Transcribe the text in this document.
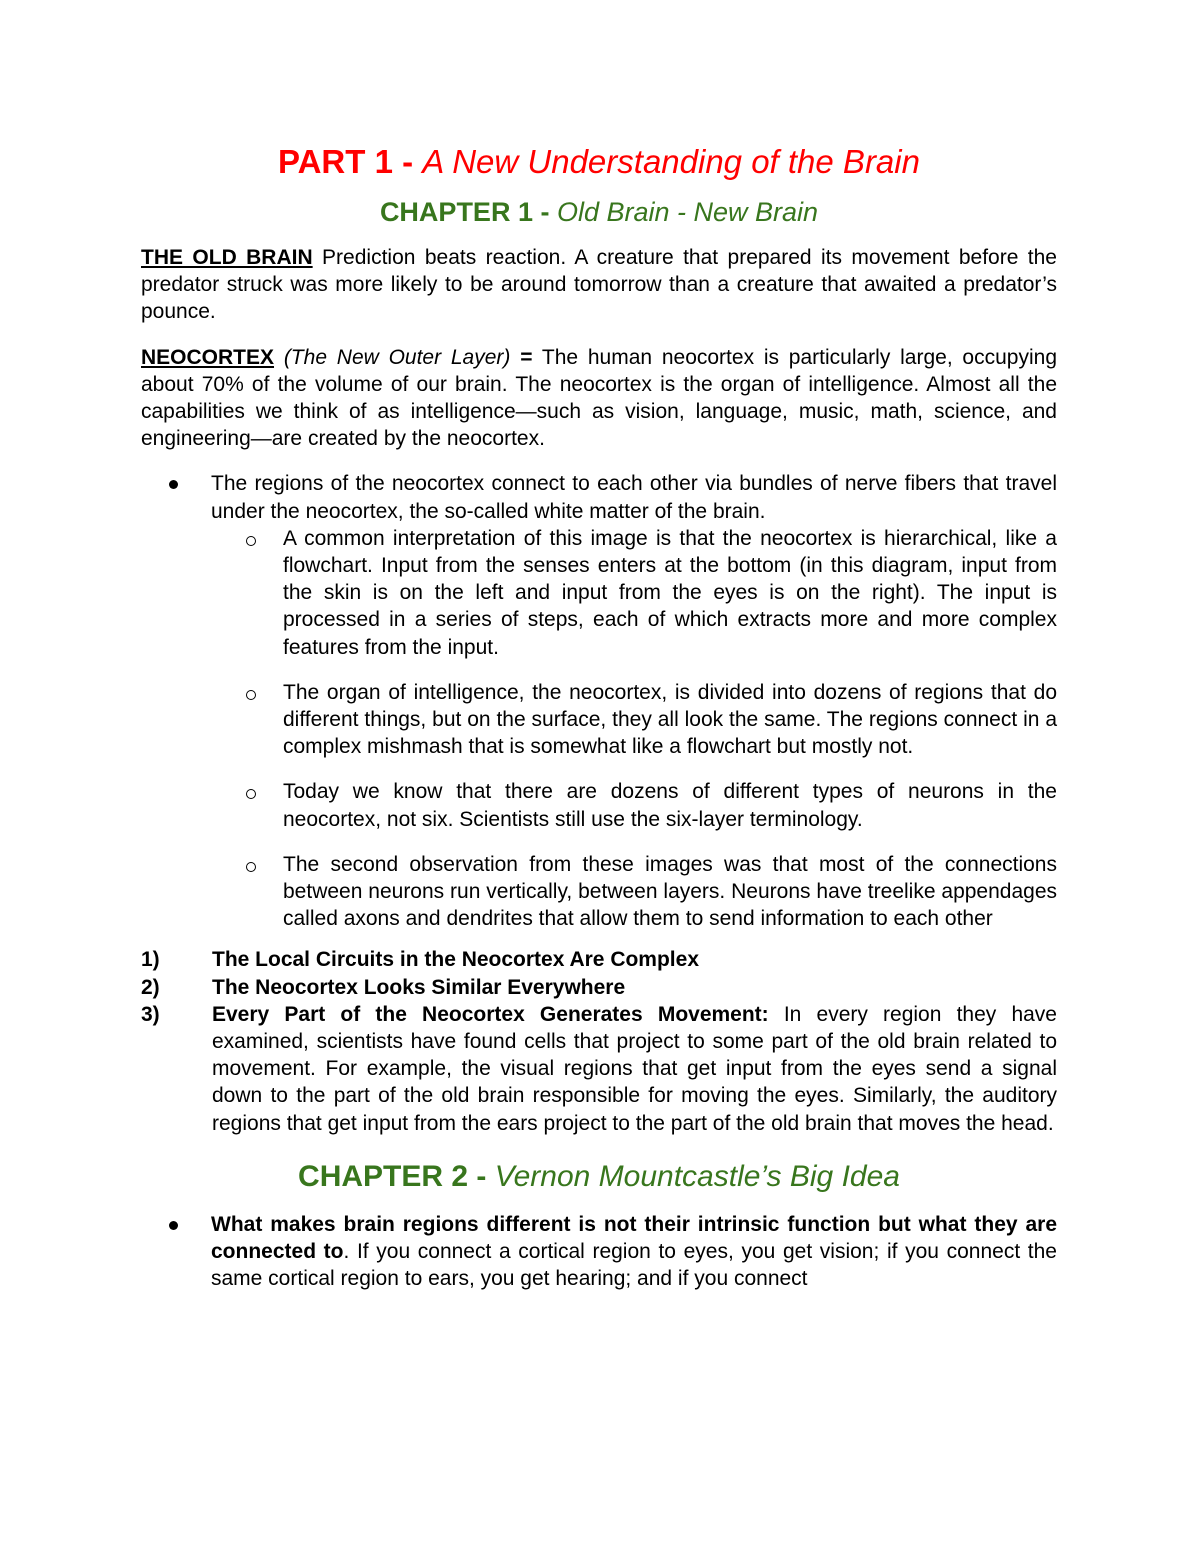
PART 1 - A New Understanding of the Brain
CHAPTER 1 - Old Brain - New Brain

THE OLD BRAIN Prediction beats reaction. A creature that prepared its movement before the predator struck was more likely to be around tomorrow than a creature that awaited a predator’s pounce.

NEOCORTEX (The New Outer Layer) = The human neocortex is particularly large, occupying about 70% of the volume of our brain. The neocortex is the organ of intelligence. Almost all the capabilities we think of as intelligence—such as vision, language, music, math, science, and engineering—are created by the neocortex.

The regions of the neocortex connect to each other via bundles of nerve fibers that travel under the neocortex, the so-called white matter of the brain.
A common interpretation of this image is that the neocortex is hierarchical, like a flowchart. Input from the senses enters at the bottom (in this diagram, input from the skin is on the left and input from the eyes is on the right). The input is processed in a series of steps, each of which extracts more and more complex features from the input.
The organ of intelligence, the neocortex, is divided into dozens of regions that do different things, but on the surface, they all look the same. The regions connect in a complex mishmash that is somewhat like a flowchart but mostly not.
Today we know that there are dozens of different types of neurons in the neocortex, not six. Scientists still use the six-layer terminology.
The second observation from these images was that most of the connections between neurons run vertically, between layers. Neurons have treelike appendages called axons and dendrites that allow them to send information to each other
1) The Local Circuits in the Neocortex Are Complex
2) The Neocortex Looks Similar Everywhere
3) Every Part of the Neocortex Generates Movement: In every region they have examined, scientists have found cells that project to some part of the old brain related to movement. For example, the visual regions that get input from the eyes send a signal down to the part of the old brain responsible for moving the eyes. Similarly, the auditory regions that get input from the ears project to the part of the old brain that moves the head.
CHAPTER 2 - Vernon Mountcastle’s Big Idea
What makes brain regions different is not their intrinsic function but what they are connected to. If you connect a cortical region to eyes, you get vision; if you connect the same cortical region to ears, you get hearing; and if you connect
